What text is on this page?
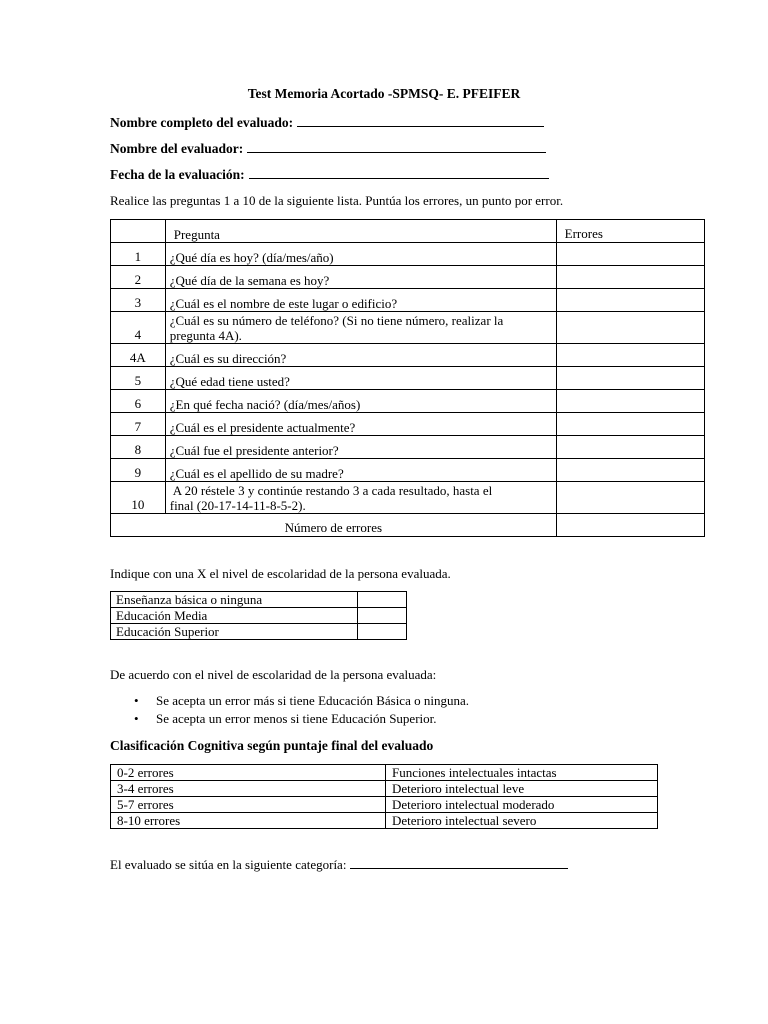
Test Memoria Acortado -SPMSQ- E. PFEIFER
Nombre completo del evaluado:
Nombre del evaluador:
Fecha de la evaluación:
Realice las preguntas 1 a 10 de la siguiente lista. Puntúa los errores, un punto por error.
	Pregunta	Errores
1	¿Qué día es hoy? (día/mes/año)	
2	¿Qué día de la semana es hoy?	
3	¿Cuál es el nombre de este lugar o edificio?	
4	¿Cuál es su número de teléfono? (Si no tiene número, realizar la
pregunta 4A).	
4A	¿Cuál es su dirección?	
5	¿Qué edad tiene usted?	
6	¿En qué fecha nació? (día/mes/años)	
7	¿Cuál es el presidente actualmente?	
8	¿Cuál fue el presidente anterior?	
9	¿Cuál es el apellido de su madre?	
10	A 20 réstele 3 y continúe restando 3 a cada resultado, hasta el
final (20-17-14-11-8-5-2).	
Número de errores		
Indique con una X el nivel de escolaridad de la persona evaluada.
Enseñanza básica o ninguna	
Educación Media	
Educación Superior	
De acuerdo con el nivel de escolaridad de la persona evaluada:
• Se acepta un error más si tiene Educación Básica o ninguna.
• Se acepta un error menos si tiene Educación Superior.
Clasificación Cognitiva según puntaje final del evaluado
0-2 errores	Funciones intelectuales intactas
3-4 errores	Deterioro intelectual leve
5-7 errores	Deterioro intelectual moderado
8-10 errores	Deterioro intelectual severo
El evaluado se sitúa en la siguiente categoría:
